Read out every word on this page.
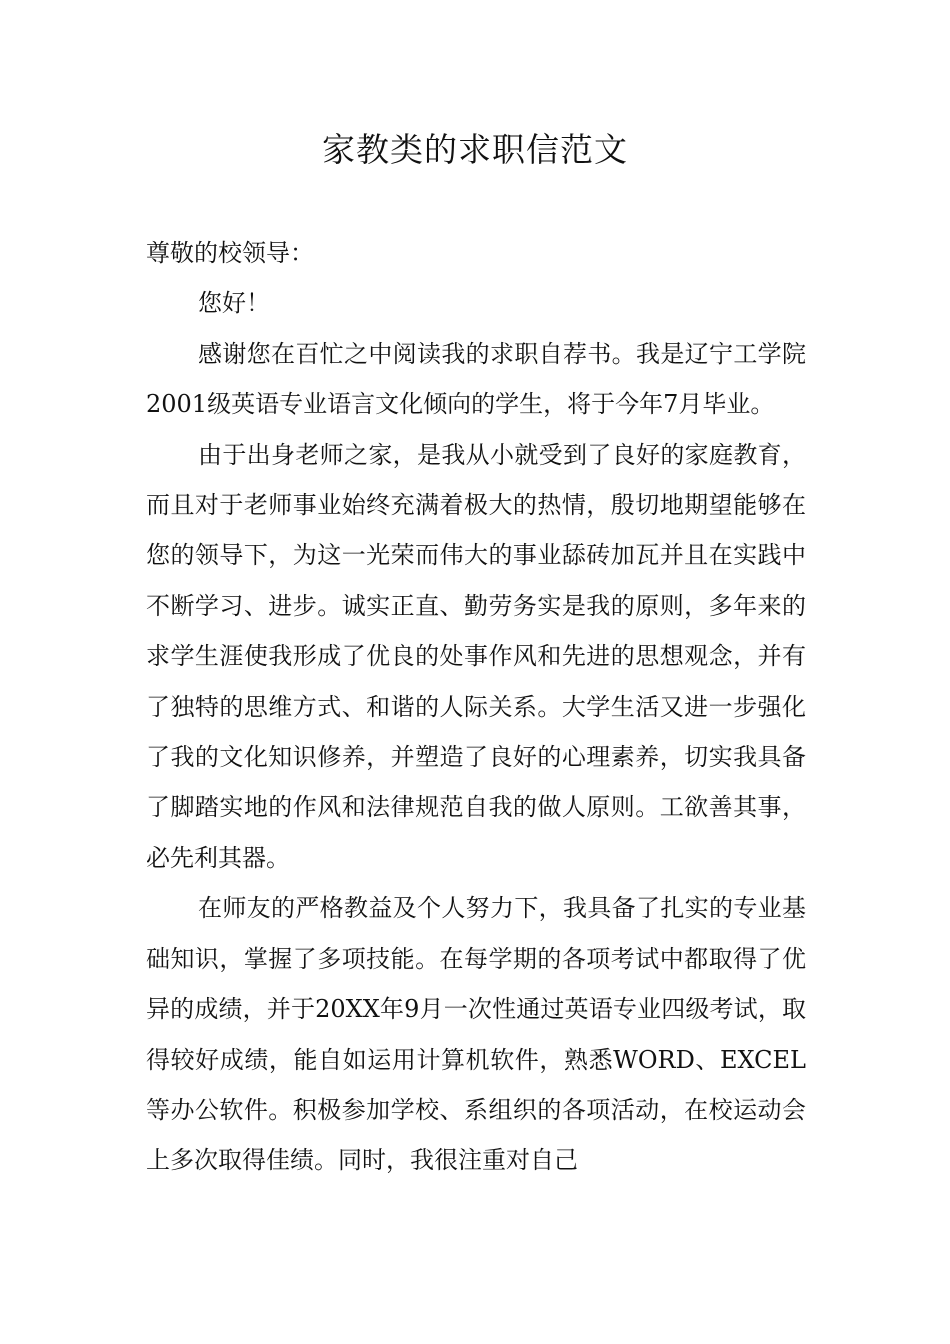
家教类的求职信范文

尊敬的校领导：

您好！

感谢您在百忙之中阅读我的求职自荐书。我是辽宁工学院2001级英语专业语言文化倾向的学生，将于今年7月毕业。

由于出身老师之家，是我从小就受到了良好的家庭教育，而且对于老师事业始终充满着极大的热情，殷切地期望能够在您的领导下，为这一光荣而伟大的事业舔砖加瓦并且在实践中不断学习、进步。诚实正直、勤劳务实是我的原则，多年来的求学生涯使我形成了优良的处事作风和先进的思想观念，并有了独特的思维方式、和谐的人际关系。大学生活又进一步强化了我的文化知识修养，并塑造了良好的心理素养，切实我具备了脚踏实地的作风和法律规范自我的做人原则。工欲善其事，必先利其器。

在师友的严格教益及个人努力下，我具备了扎实的专业基础知识，掌握了多项技能。在每学期的各项考试中都取得了优异的成绩，并于20XX年9月一次性通过英语专业四级考试，取得较好成绩，能自如运用计算机软件，熟悉WORD、EXCEL等办公软件。积极参加学校、系组织的各项活动，在校运动会上多次取得佳绩。同时，我很注重对自己
